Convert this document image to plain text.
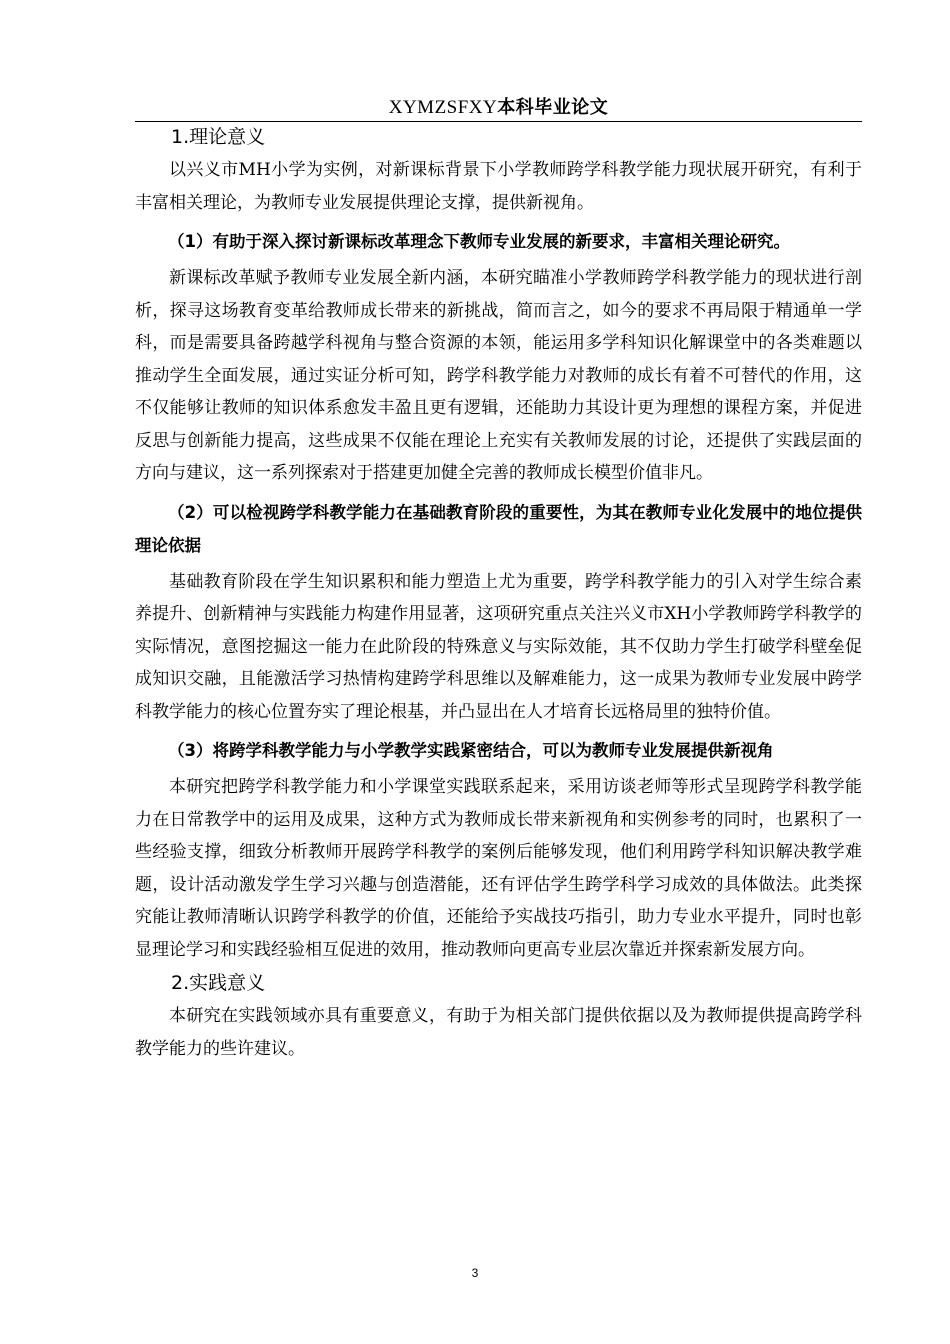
XYMZSFXY本科毕业论文
1.理论意义

以兴义市MH小学为实例，对新课标背景下小学教师跨学科教学能力现状展开研究，有利于丰富相关理论，为教师专业发展提供理论支撑，提供新视角。

（1）有助于深入探讨新课标改革理念下教师专业发展的新要求，丰富相关理论研究。

新课标改革赋予教师专业发展全新内涵，本研究瞄准小学教师跨学科教学能力的现状进行剖析，探寻这场教育变革给教师成长带来的新挑战，简而言之，如今的要求不再局限于精通单一学科，而是需要具备跨越学科视角与整合资源的本领，能运用多学科知识化解课堂中的各类难题以推动学生全面发展，通过实证分析可知，跨学科教学能力对教师的成长有着不可替代的作用，这不仅能够让教师的知识体系愈发丰盈且更有逻辑，还能助力其设计更为理想的课程方案，并促进反思与创新能力提高，这些成果不仅能在理论上充实有关教师发展的讨论，还提供了实践层面的方向与建议，这一系列探索对于搭建更加健全完善的教师成长模型价值非凡。

（2）可以检视跨学科教学能力在基础教育阶段的重要性，为其在教师专业化发展中的地位提供理论依据

基础教育阶段在学生知识累积和能力塑造上尤为重要，跨学科教学能力的引入对学生综合素养提升、创新精神与实践能力构建作用显著，这项研究重点关注兴义市XH小学教师跨学科教学的实际情况，意图挖掘这一能力在此阶段的特殊意义与实际效能，其不仅助力学生打破学科壁垒促成知识交融，且能激活学习热情构建跨学科思维以及解难能力，这一成果为教师专业发展中跨学科教学能力的核心位置夯实了理论根基，并凸显出在人才培育长远格局里的独特价值。

（3）将跨学科教学能力与小学教学实践紧密结合，可以为教师专业发展提供新视角

本研究把跨学科教学能力和小学课堂实践联系起来，采用访谈老师等形式呈现跨学科教学能力在日常教学中的运用及成果，这种方式为教师成长带来新视角和实例参考的同时，也累积了一些经验支撑，细致分析教师开展跨学科教学的案例后能够发现，他们利用跨学科知识解决教学难题，设计活动激发学生学习兴趣与创造潜能，还有评估学生跨学科学习成效的具体做法。此类探究能让教师清晰认识跨学科教学的价值，还能给予实战技巧指引，助力专业水平提升，同时也彰显理论学习和实践经验相互促进的效用，推动教师向更高专业层次靠近并探索新发展方向。

2.实践意义

本研究在实践领域亦具有重要意义，有助于为相关部门提供依据以及为教师提供提高跨学科教学能力的些许建议。

3
